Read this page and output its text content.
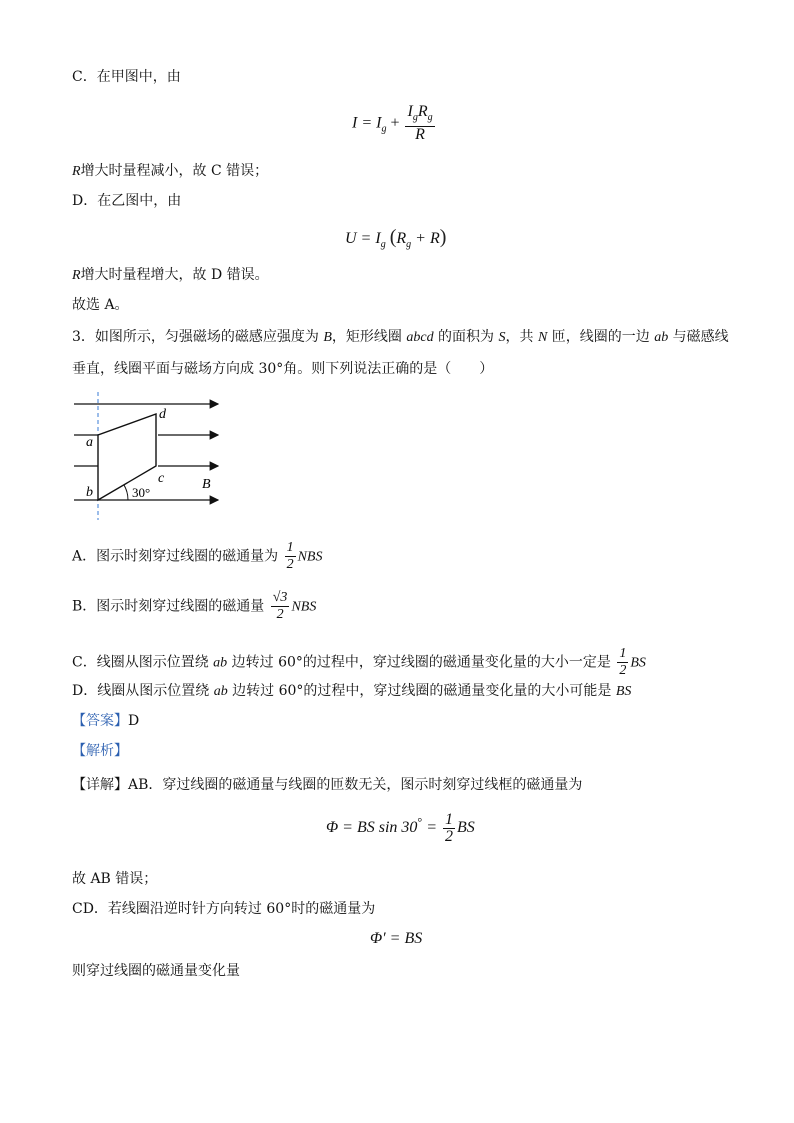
C．在甲图中，由
$I = I_g + \frac{I_gR_g}{R}$
R增大时量程减小，故 C 错误；
D．在乙图中，由
$U = I_g$ $(R_g + R)$
R增大时量程增大，故 D 错误。
故选 A。
3．如图所示，匀强磁场的磁感应强度为 B，矩形线圈 abcd 的面积为 S，共 N 匝，线圈的一边 ab 与磁感线
垂直，线圈平面与磁场方向成 30°角。则下列说法正确的是（　　）
a
b
c
d
B
30°
A．图示时刻穿过线圈的磁通量为 $\frac{1}{2}$ NBS
B．图示时刻穿过线圈的磁通量 $\frac{√3}{2}$ NBS
C．线圈从图示位置绕 ab 边转过 60°的过程中，穿过线圈的磁通量变化量的大小一定是 $\frac{1}{2}$ BS
D．线圈从图示位置绕 ab 边转过 60°的过程中，穿过线圈的磁通量变化量的大小可能是 BS
【答案】D
【解析】
【详解】AB．穿过线圈的磁通量与线圈的匝数无关，图示时刻穿过线框的磁通量为
Φ = BS $\sin 30^\circ = \frac{1}{2}$ BS
故 AB 错误；
CD．若线圈沿逆时针方向转过 60°时的磁通量为
Φ′ = BS
则穿过线圈的磁通量变化量
